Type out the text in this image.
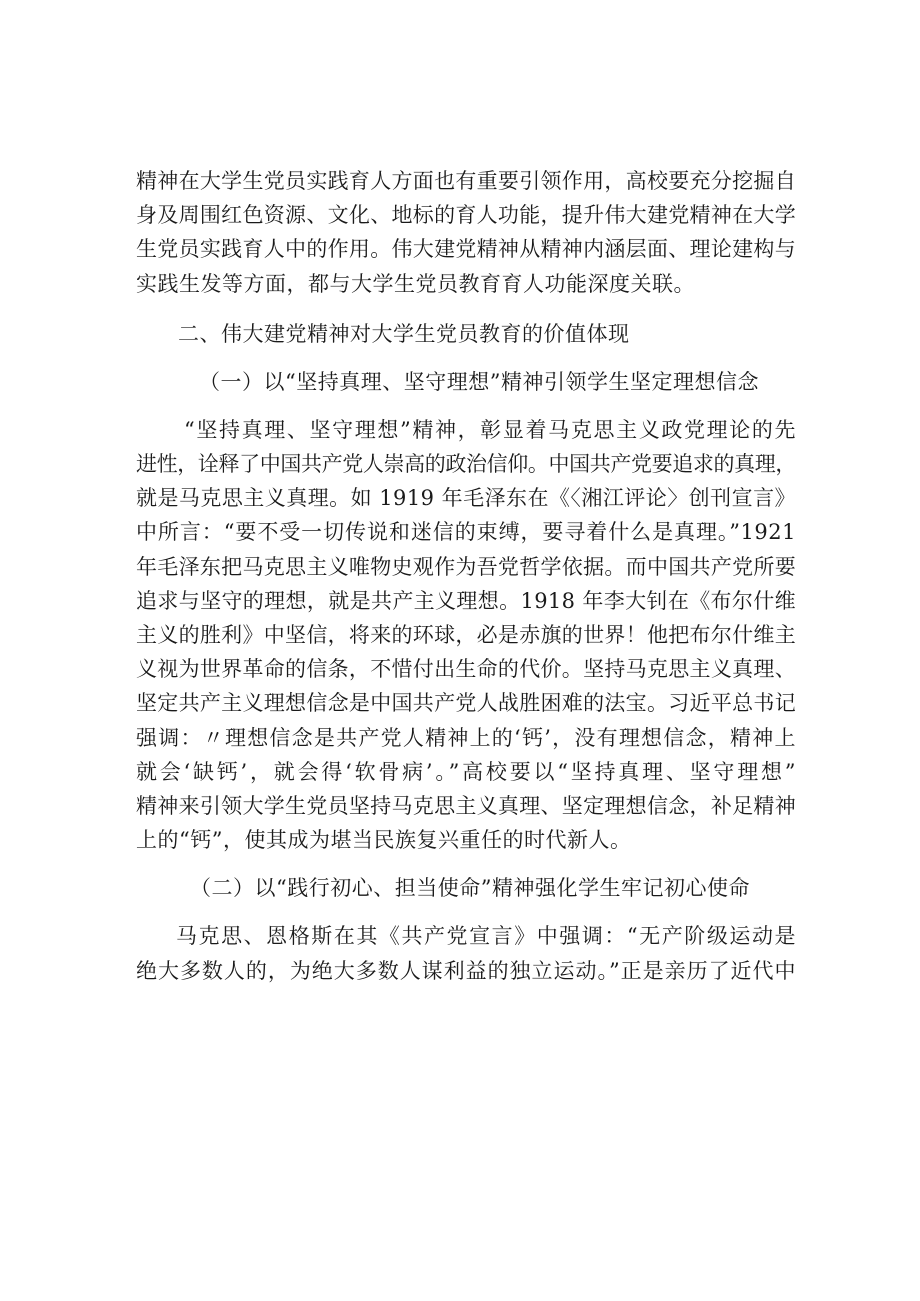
精神在大学生党员实践育人方面也有重要引领作用，高校要充分挖掘自
身及周围红色资源、文化、地标的育人功能，提升伟大建党精神在大学
生党员实践育人中的作用。伟大建党精神从精神内涵层面、理论建构与
实践生发等方面，都与大学生党员教育育人功能深度关联。

二、伟大建党精神对大学生党员教育的价值体现

（一）以“坚持真理、坚守理想”精神引领学生坚定理想信念

“坚持真理、坚守理想”精神，彰显着马克思主义政党理论的先
进性，诠释了中国共产党人崇高的政治信仰。中国共产党要追求的真理，
就是马克思主义真理。如 1919 年毛泽东在《〈湘江评论〉创刊宣言》
中所言：“要不受一切传说和迷信的束缚，要寻着什么是真理。”1921
年毛泽东把马克思主义唯物史观作为吾党哲学依据。而中国共产党所要
追求与坚守的理想，就是共产主义理想。1918 年李大钊在《布尔什维
主义的胜利》中坚信，将来的环球，必是赤旗的世界！他把布尔什维主
义视为世界革命的信条，不惜付出生命的代价。坚持马克思主义真理、
坚定共产主义理想信念是中国共产党人战胜困难的法宝。习近平总书记
强调：〃理想信念是共产党人精神上的‘钙’，没有理想信念，精神上
就会‘缺钙’，就会得‘软骨病’。”高校要以“坚持真理、坚守理想”
精神来引领大学生党员坚持马克思主义真理、坚定理想信念，补足精神
上的“钙”，使其成为堪当民族复兴重任的时代新人。

（二）以“践行初心、担当使命”精神强化学生牢记初心使命

马克思、恩格斯在其《共产党宣言》中强调：“无产阶级运动是
绝大多数人的，为绝大多数人谋利益的独立运动。”正是亲历了近代中
